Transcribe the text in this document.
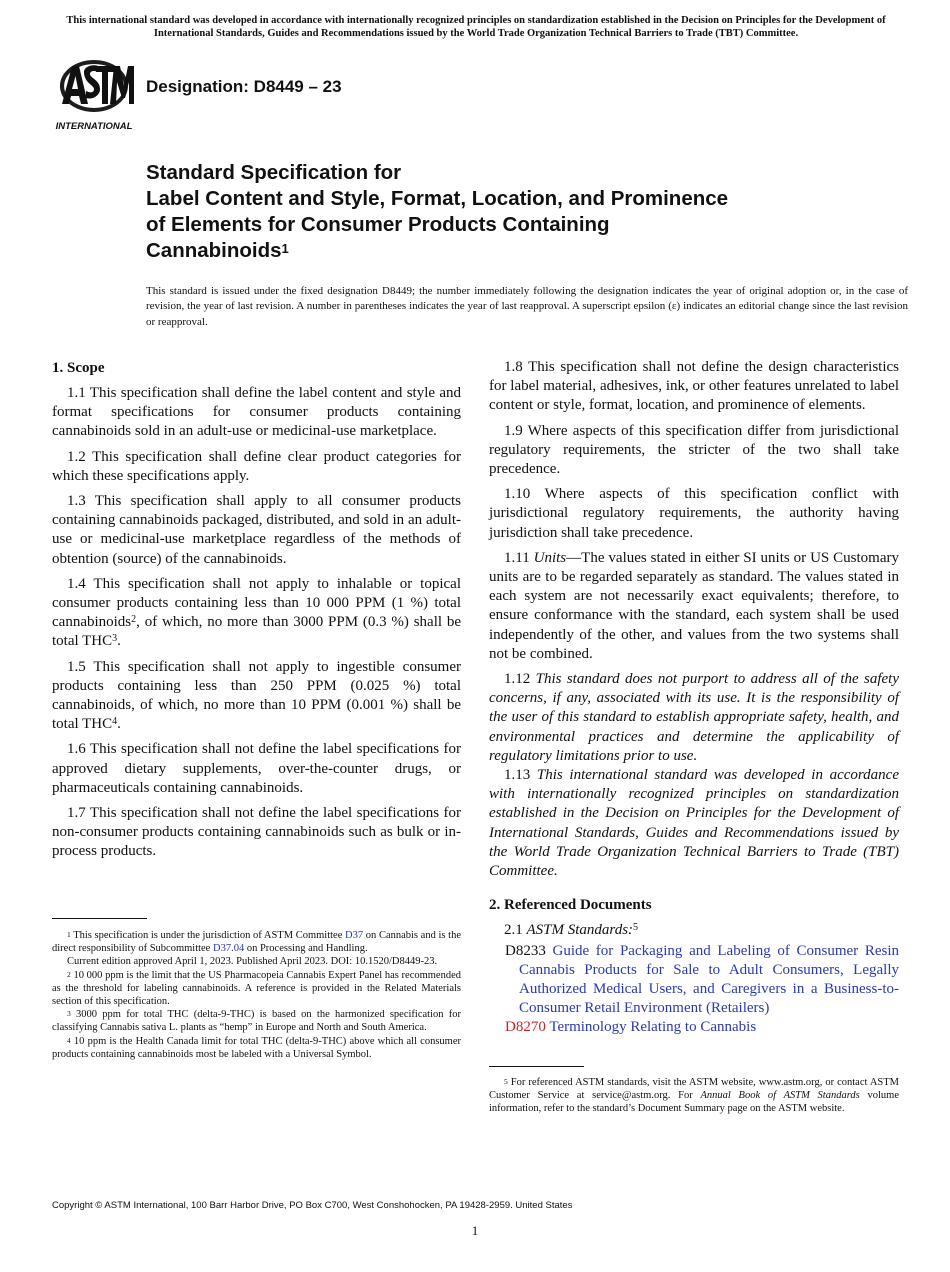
This international standard was developed in accordance with internationally recognized principles on standardization established in the Decision on Principles for the Development of International Standards, Guides and Recommendations issued by the World Trade Organization Technical Barriers to Trade (TBT) Committee.
INTERNATIONAL
Designation: D8449 – 23
Standard Specification for
Label Content and Style, Format, Location, and Prominence
of Elements for Consumer Products Containing
Cannabinoids$^1$
This standard is issued under the fixed designation D8449; the number immediately following the designation indicates the year of original adoption or, in the case of revision, the year of last revision. A number in parentheses indicates the year of last reapproval. A superscript epsilon (ε) indicates an editorial change since the last revision or reapproval.
1. Scope

1.1 This specification shall define the label content and style and format specifications for consumer products containing cannabinoids sold in an adult-use or medicinal-use marketplace.

1.2 This specification shall define clear product categories for which these specifications apply.

1.3 This specification shall apply to all consumer products containing cannabinoids packaged, distributed, and sold in an adult-use or medicinal-use marketplace regardless of the methods of obtention (source) of the cannabinoids.

1.4 This specification shall not apply to inhalable or topical consumer products containing less than 10 000 PPM (1 %) total cannabinoids$^2$, of which, no more than 3000 PPM (0.3 %) shall be total THC$^3$.

1.5 This specification shall not apply to ingestible consumer products containing less than 250 PPM (0.025 %) total cannabinoids, of which, no more than 10 PPM (0.001 %) shall be total THC$^4$.

1.6 This specification shall not define the label specifications for approved dietary supplements, over-the-counter drugs, or pharmaceuticals containing cannabinoids.

1.7 This specification shall not define the label specifications for non-consumer products containing cannabinoids such as bulk or in-process products.

$^1$ This specification is under the jurisdiction of ASTM Committee D37 on Cannabis and is the direct responsibility of Subcommittee D37.04 on Processing and Handling.

Current edition approved April 1, 2023. Published April 2023. DOI: 10.1520/D8449-23.

$^2$ 10 000 ppm is the limit that the US Pharmacopeia Cannabis Expert Panel has recommended as the threshold for labeling cannabinoids. A reference is provided in the Related Materials section of this specification.

$^3$ 3000 ppm for total THC (delta-9-THC) is based on the harmonized specification for classifying Cannabis sativa L. plants as “hemp” in Europe and North and South America.

$^4$ 10 ppm is the Health Canada limit for total THC (delta-9-THC) above which all consumer products containing cannabinoids most be labeled with a Universal Symbol.

1.8 This specification shall not define the design characteristics for label material, adhesives, ink, or other features unrelated to label content or style, format, location, and prominence of elements.

1.9 Where aspects of this specification differ from jurisdictional regulatory requirements, the stricter of the two shall take precedence.

1.10 Where aspects of this specification conflict with jurisdictional regulatory requirements, the authority having jurisdiction shall take precedence.

1.11 Units—The values stated in either SI units or US Customary units are to be regarded separately as standard. The values stated in each system are not necessarily exact equivalents; therefore, to ensure conformance with the standard, each system shall be used independently of the other, and values from the two systems shall not be combined.

1.12 This standard does not purport to address all of the safety concerns, if any, associated with its use. It is the responsibility of the user of this standard to establish appropriate safety, health, and environmental practices and determine the applicability of regulatory limitations prior to use.

1.13 This international standard was developed in accordance with internationally recognized principles on standardization established in the Decision on Principles for the Development of International Standards, Guides and Recommendations issued by the World Trade Organization Technical Barriers to Trade (TBT) Committee.

2. Referenced Documents

2.1 ASTM Standards:$^5$

D8233 Guide for Packaging and Labeling of Consumer Resin Cannabis Products for Sale to Adult Consumers, Legally Authorized Medical Users, and Caregivers in a Business-to-Consumer Retail Environment (Retailers)
D8270 Terminology Relating to Cannabis

$^5$ For referenced ASTM standards, visit the ASTM website, www.astm.org, or contact ASTM Customer Service at service@astm.org. For Annual Book of ASTM Standards volume information, refer to the standard’s Document Summary page on the ASTM website.

Copyright © ASTM International, 100 Barr Harbor Drive, PO Box C700, West Conshohocken, PA 19428-2959. United States
1
